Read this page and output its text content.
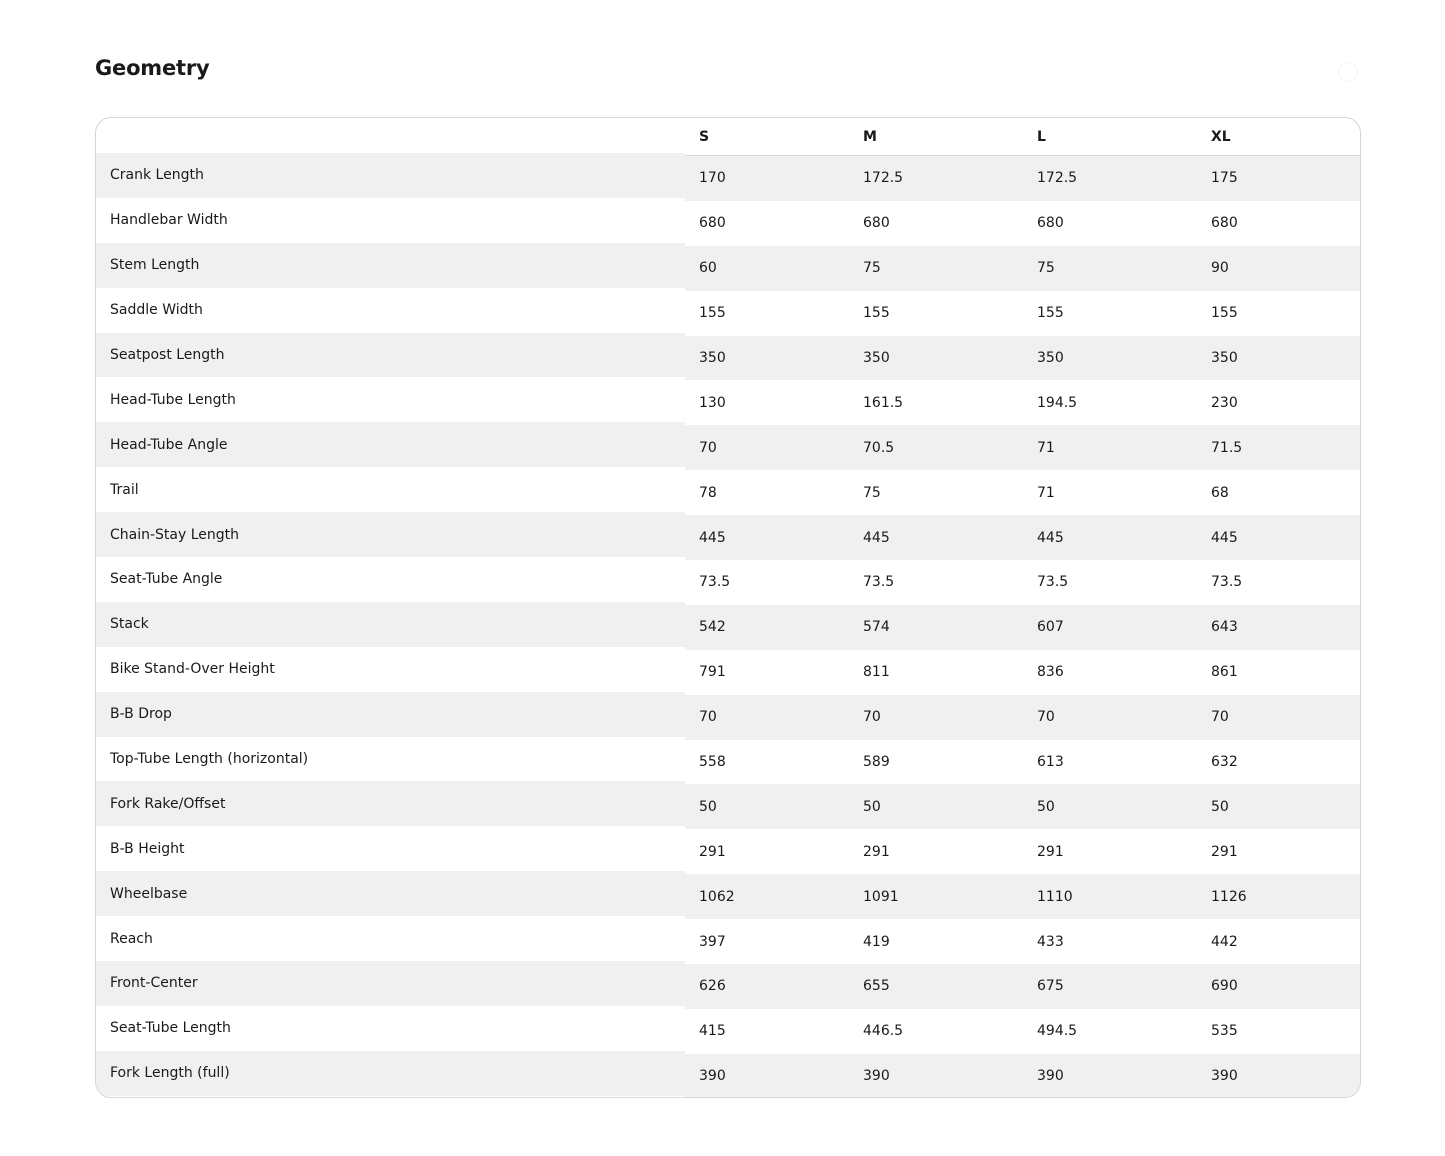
Geometry
	S	M	L	XL
Crank Length	170	172.5	172.5	175
Handlebar Width	680	680	680	680
Stem Length	60	75	75	90
Saddle Width	155	155	155	155
Seatpost Length	350	350	350	350
Head-Tube Length	130	161.5	194.5	230
Head-Tube Angle	70	70.5	71	71.5
Trail	78	75	71	68
Chain-Stay Length	445	445	445	445
Seat-Tube Angle	73.5	73.5	73.5	73.5
Stack	542	574	607	643
Bike Stand-Over Height	791	811	836	861
B-B Drop	70	70	70	70
Top-Tube Length (horizontal)	558	589	613	632
Fork Rake/Offset	50	50	50	50
B-B Height	291	291	291	291
Wheelbase	1062	1091	1110	1126
Reach	397	419	433	442
Front-Center	626	655	675	690
Seat-Tube Length	415	446.5	494.5	535
Fork Length (full)	390	390	390	390
